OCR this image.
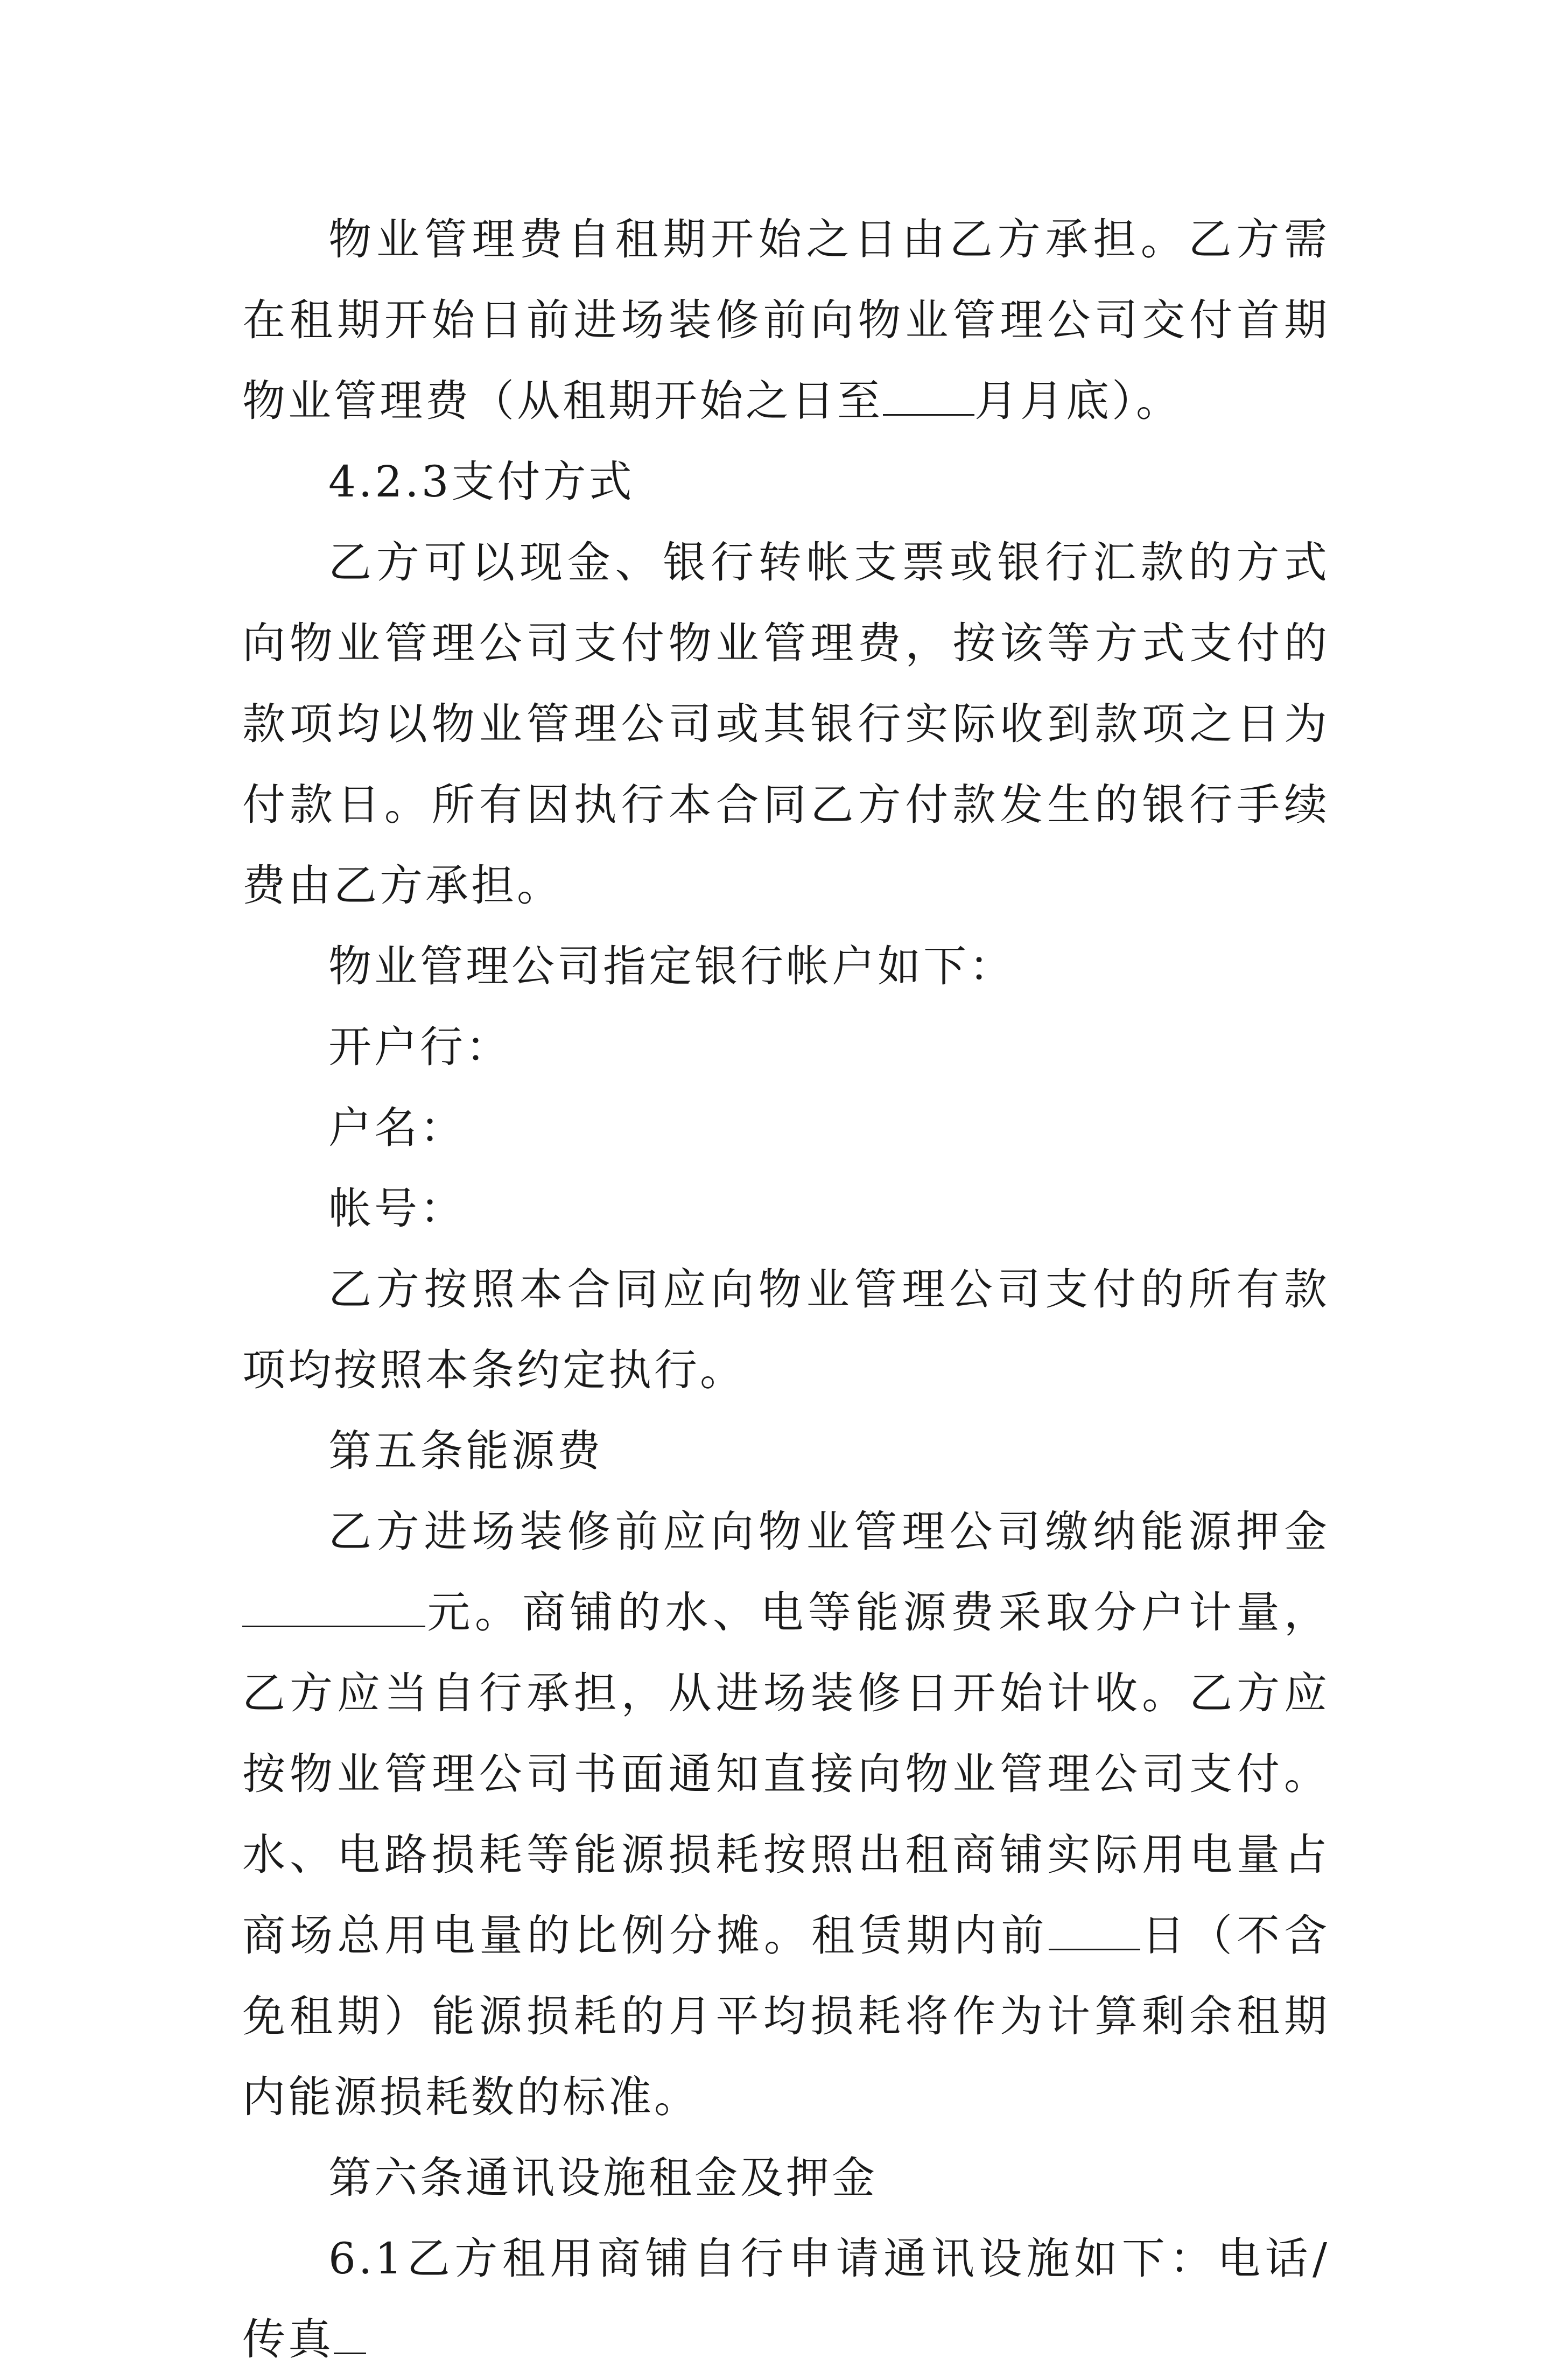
物业管理费自租期开始之日由乙方承担。乙方需在租期开始日前进场装修前向物业管理公司交付首期物业管理费（从租期开始之日至 月月底）。

4.2.3支付方式

乙方可以现金、银行转帐支票或银行汇款的方式向物业管理公司支付物业管理费，按该等方式支付的款项均以物业管理公司或其银行实际收到款项之日为付款日。所有因执行本合同乙方付款发生的银行手续费由乙方承担。

物业管理公司指定银行帐户如下：

开户行：

户名：

帐号：

乙方按照本合同应向物业管理公司支付的所有款项均按照本条约定执行。

第五条能源费

乙方进场装修前应向物业管理公司缴纳能源押金元。商铺的水、电等能源费采取分户计量，乙方应当自行承担，从进场装修日开始计收。乙方应按物业管理公司书面通知直接向物业管理公司支付。水、电路损耗等能源损耗按照出租商铺实际用电量占商场总用电量的比例分摊。租赁期内前 日（不含免租期）能源损耗的月平均损耗将作为计算剩余租期内能源损耗数的标准。

第六条通讯设施租金及押金

6.1乙方租用商铺自行申请通讯设施如下：电话/传真
